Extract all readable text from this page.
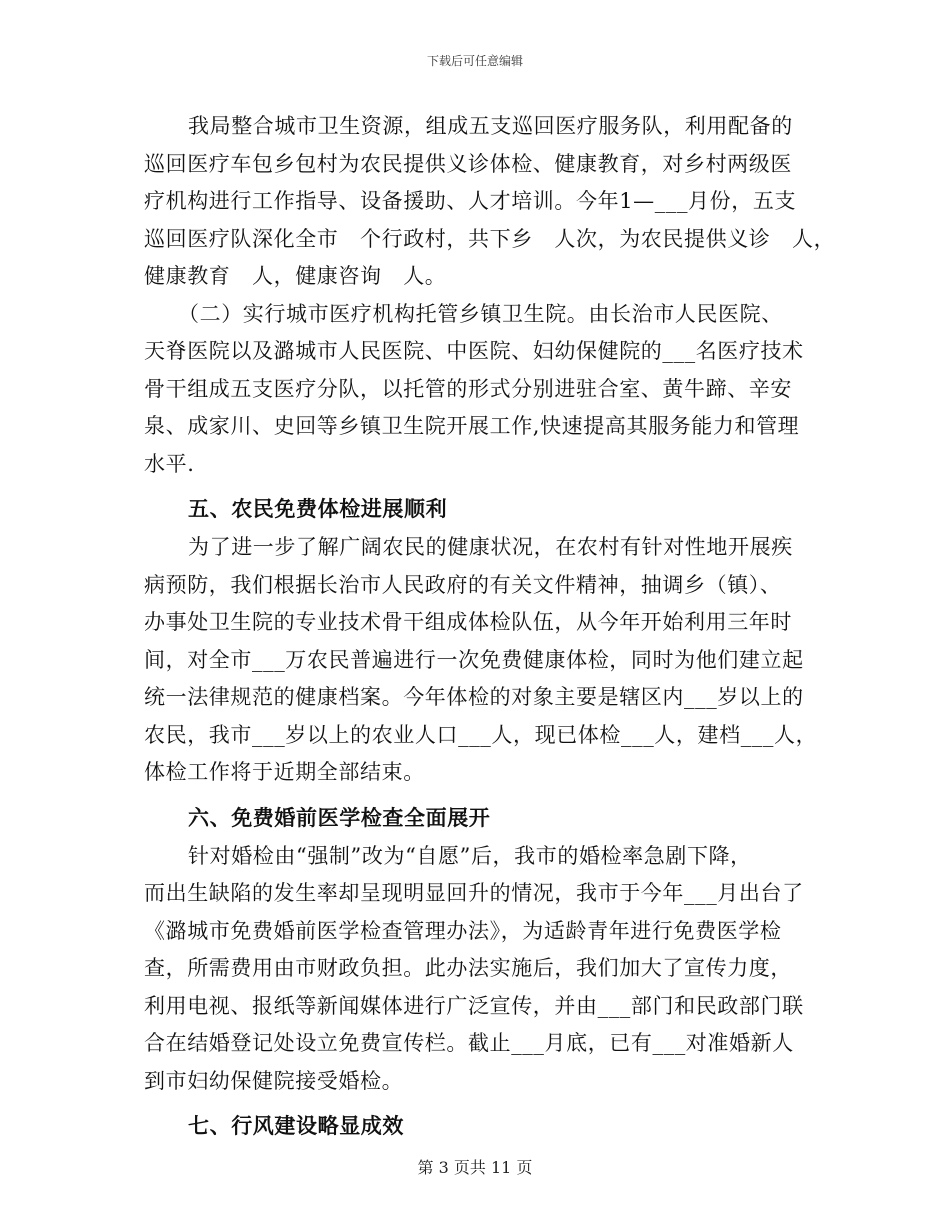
下载后可任意编辑
我局整合城市卫生资源，组成五支巡回医疗服务队，利用配备的
巡回医疗车包乡包村为农民提供义诊体检、健康教育，对乡村两级医
疗机构进行工作指导、设备援助、人才培训。今年1—___月份，五支
巡回医疗队深化全市　个行政村，共下乡　人次，为农民提供义诊　人，
健康教育　人，健康咨询　人。
（二）实行城市医疗机构托管乡镇卫生院。由长治市人民医院、
天脊医院以及潞城市人民医院、中医院、妇幼保健院的___名医疗技术
骨干组成五支医疗分队，以托管的形式分别进驻合室、黄牛蹄、辛安
泉、成家川、史回等乡镇卫生院开展工作,快速提高其服务能力和管理
水平.
五、农民免费体检进展顺利
为了进一步了解广阔农民的健康状况，在农村有针对性地开展疾
病预防，我们根据长治市人民政府的有关文件精神，抽调乡（镇）、
办事处卫生院的专业技术骨干组成体检队伍，从今年开始利用三年时
间，对全市___万农民普遍进行一次免费健康体检，同时为他们建立起
统一法律规范的健康档案。今年体检的对象主要是辖区内___岁以上的
农民，我市___岁以上的农业人口___人，现已体检___人，建档___人，
体检工作将于近期全部结束。
六、免费婚前医学检查全面展开
针对婚检由“强制”改为“自愿”后，我市的婚检率急剧下降，
而出生缺陷的发生率却呈现明显回升的情况，我市于今年___月出台了
《潞城市免费婚前医学检查管理办法》，为适龄青年进行免费医学检
查，所需费用由市财政负担。此办法实施后，我们加大了宣传力度，
利用电视、报纸等新闻媒体进行广泛宣传，并由___部门和民政部门联
合在结婚登记处设立免费宣传栏。截止___月底，已有___对准婚新人
到市妇幼保健院接受婚检。
七、行风建设略显成效
第 3 页共 11 页
